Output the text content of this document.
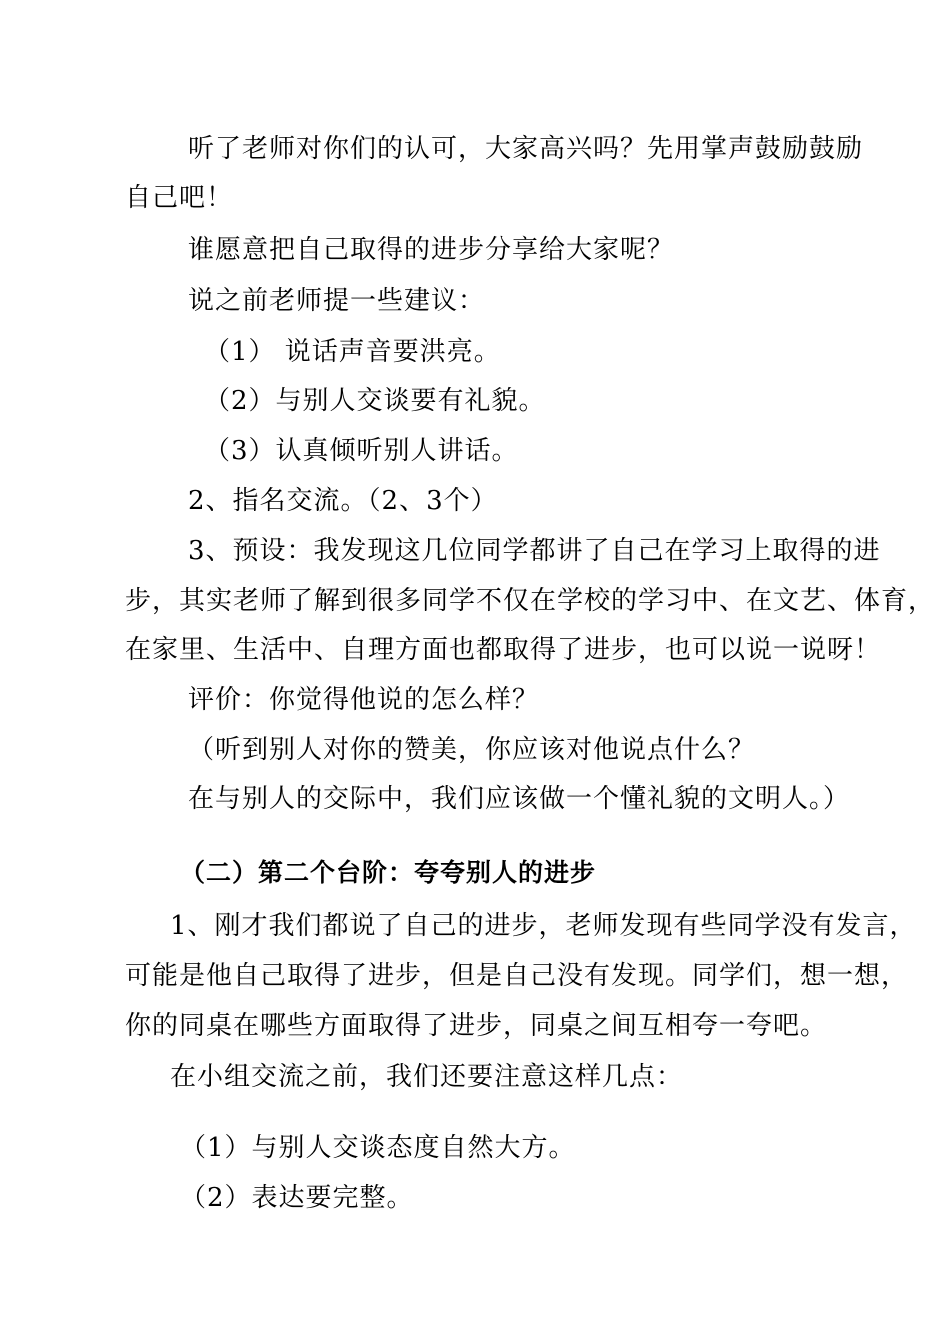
听了老师对你们的认可，大家高兴吗？先用掌声鼓励鼓励
自己吧！
谁愿意把自己取得的进步分享给大家呢？
说之前老师提一些建议：
（1） 说话声音要洪亮。
（2）与别人交谈要有礼貌。
（3）认真倾听别人讲话。
2、指名交流。（2、3个）
3、预设：我发现这几位同学都讲了自己在学习上取得的进
步，其实老师了解到很多同学不仅在学校的学习中、在文艺、体育，
在家里、生活中、自理方面也都取得了进步，也可以说一说呀！
评价：你觉得他说的怎么样？
（听到别人对你的赞美，你应该对他说点什么？
在与别人的交际中，我们应该做一个懂礼貌的文明人。）
（二）第二个台阶：夸夸别人的进步
1、刚才我们都说了自己的进步，老师发现有些同学没有发言，
可能是他自己取得了进步，但是自己没有发现。同学们，想一想，
你的同桌在哪些方面取得了进步，同桌之间互相夸一夸吧。
在小组交流之前，我们还要注意这样几点：
（1）与别人交谈态度自然大方。
（2）表达要完整。
